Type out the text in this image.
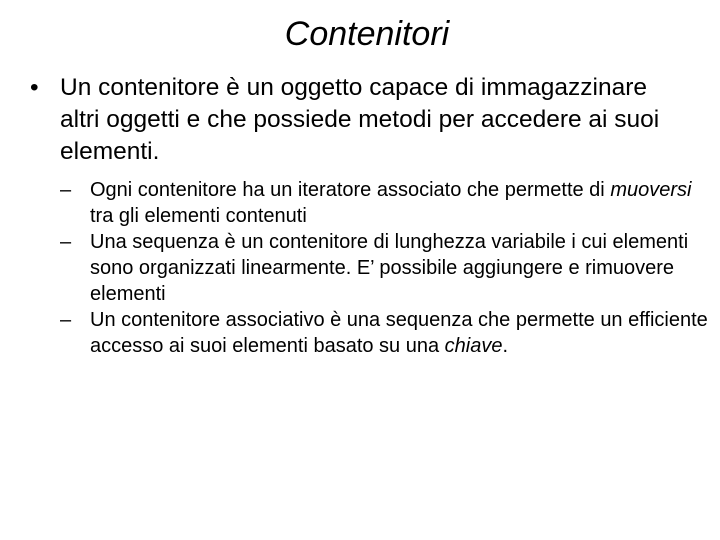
Contenitori
• Un contenitore è un oggetto capace di immagazzinare altri oggetti e che possiede metodi per accedere ai suoi elementi.
– Ogni contenitore ha un iteratore associato che permette di muoversi tra gli elementi contenuti
– Una sequenza è un contenitore di lunghezza variabile i cui elementi sono organizzati linearmente. E’ possibile aggiungere e rimuovere elementi
– Un contenitore associativo è una sequenza che permette un efficiente accesso ai suoi elementi basato su una chiave.
